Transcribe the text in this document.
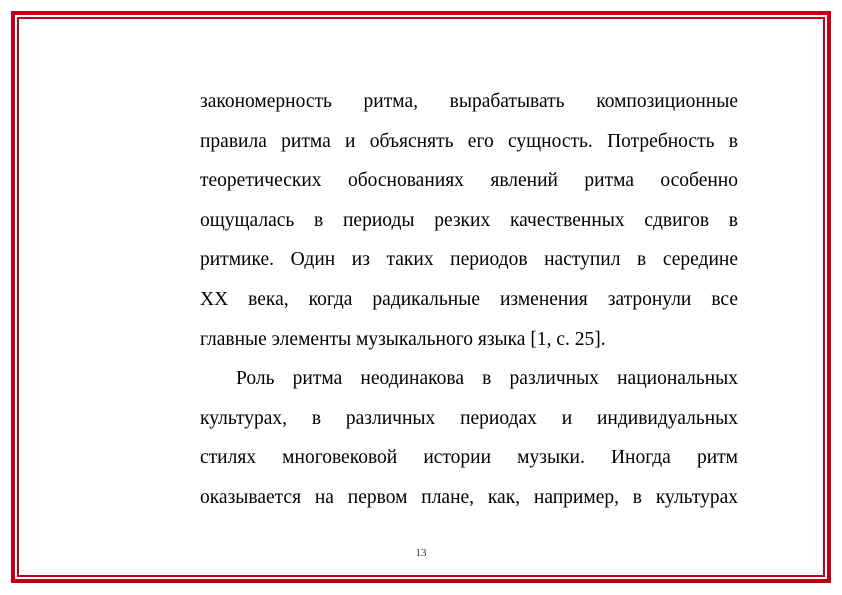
закономерность ритма, вырабатывать композиционные
правила ритма и объяснять его сущность. Потребность в
теоретических обоснованиях явлений ритма особенно
ощущалась в периоды резких качественных сдвигов в
ритмике. Один из таких периодов наступил в середине
XX века, когда радикальные изменения затронули все
главные элементы музыкального языка [1, с. 25].
Роль ритма неодинакова в различных национальных
культурах, в различных периодах и индивидуальных
стилях многовековой истории музыки. Иногда ритм
оказывается на первом плане, как, например, в культурах
13
